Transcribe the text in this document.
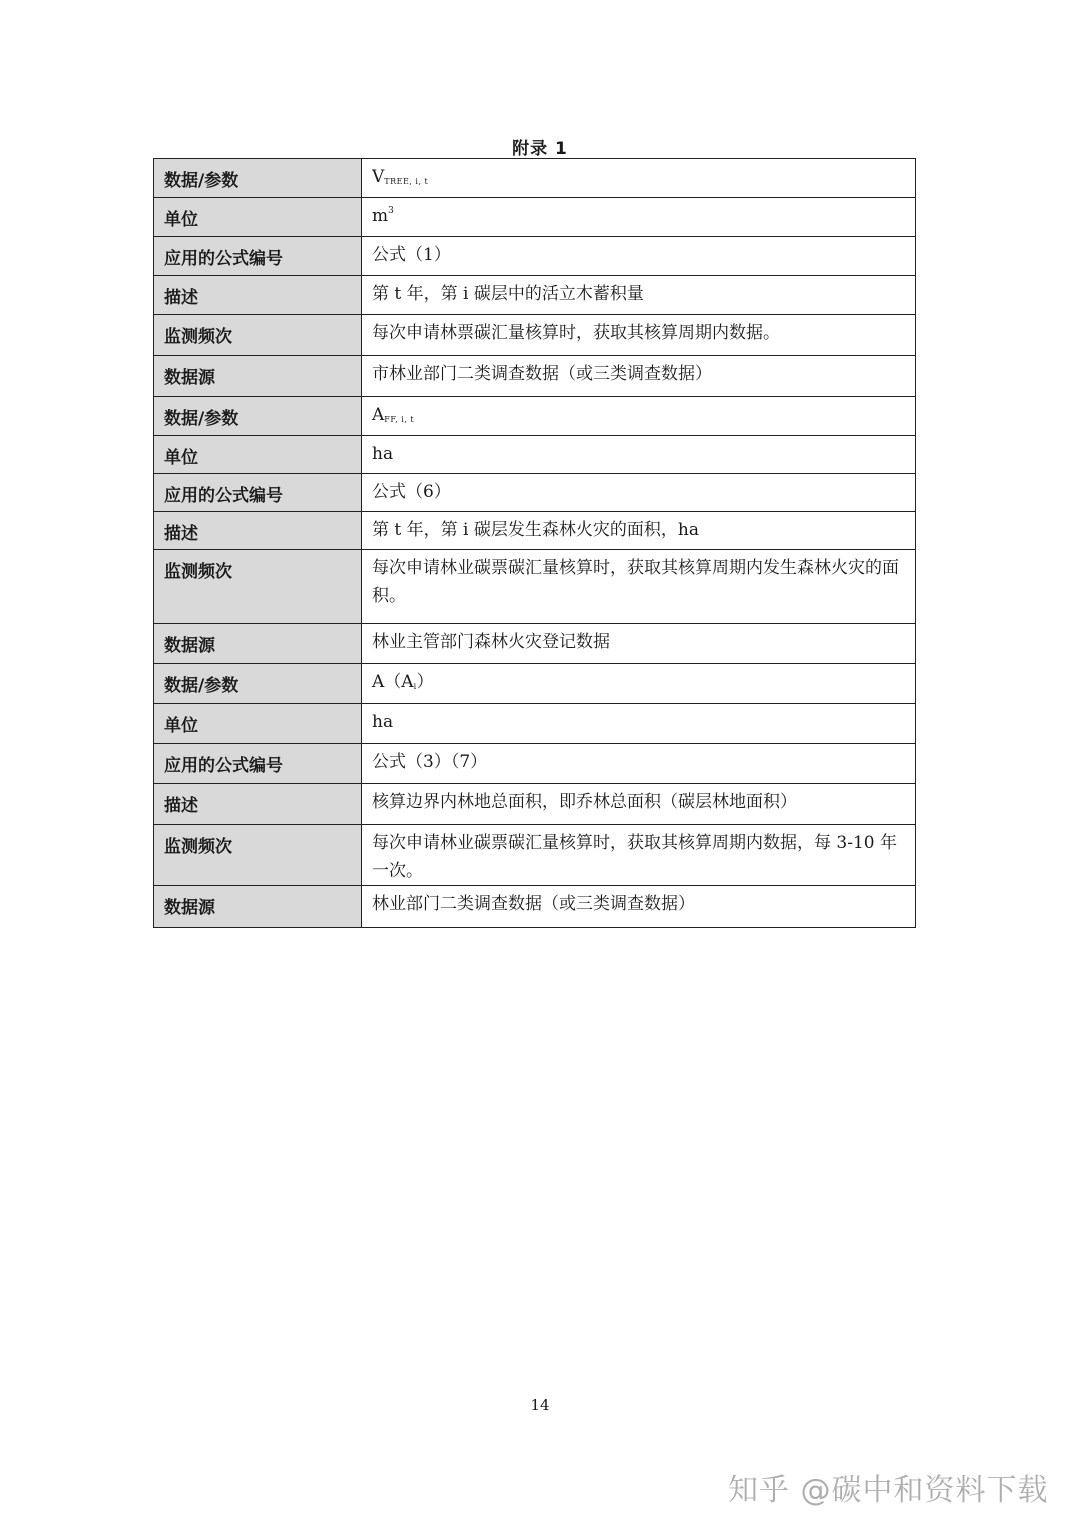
附录 1
数据/参数	VTREE, i, t
单位	$m^3$
应用的公式编号	公式（1）
描述	第 t 年，第 i 碳层中的活立木蓄积量
监测频次	每次申请林票碳汇量核算时，获取其核算周期内数据。
数据源	市林业部门二类调查数据（或三类调查数据）
数据/参数	AFF, i, t
单位	ha
应用的公式编号	公式（6）
描述	第 t 年，第 i 碳层发生森林火灾的面积，ha
监测频次	每次申请林业碳票碳汇量核算时，获取其核算周期内发生森林火灾的面积。
数据源	林业主管部门森林火灾登记数据
数据/参数	A（Ai）
单位	ha
应用的公式编号	公式（3）（7）
描述	核算边界内林地总面积，即乔林总面积（碳层林地面积）
监测频次	每次申请林业碳票碳汇量核算时，获取其核算周期内数据，每 3-10 年一次。
数据源	林业部门二类调查数据（或三类调查数据）
14
知乎 @碳中和资料下载
